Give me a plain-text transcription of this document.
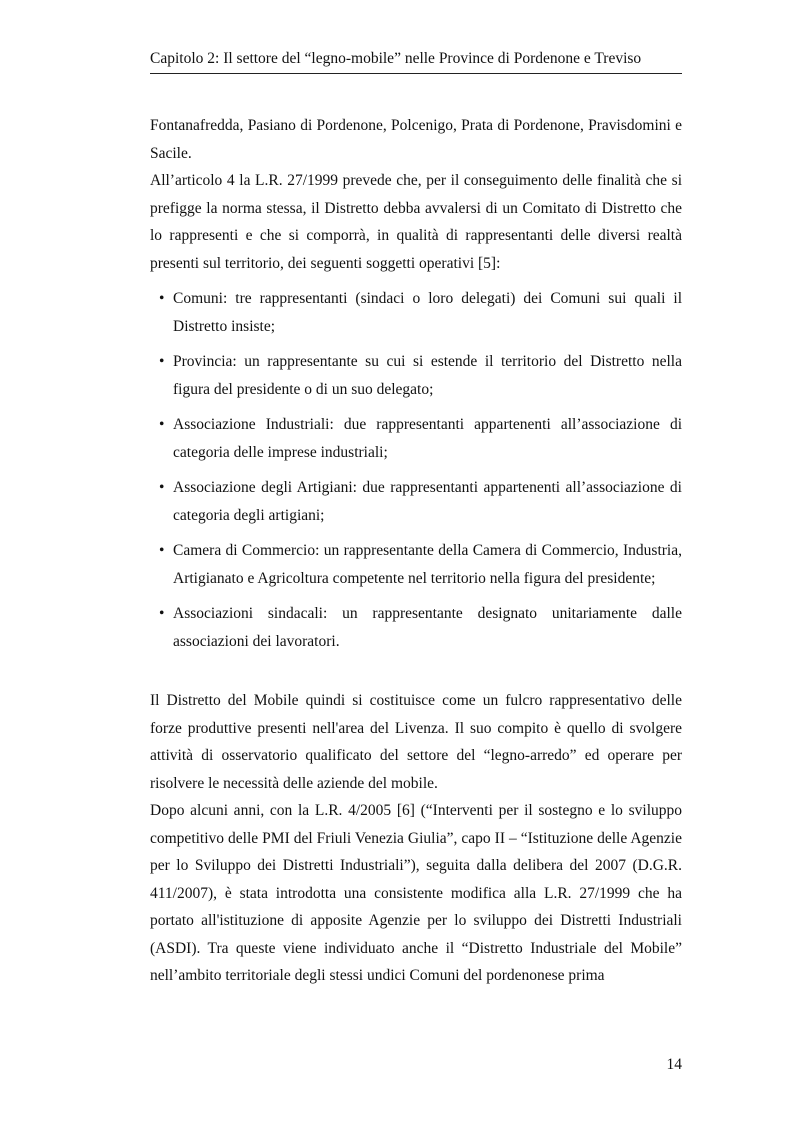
Capitolo 2: Il settore del “legno-mobile” nelle Province di Pordenone e Treviso

Fontanafredda, Pasiano di Pordenone, Polcenigo, Prata di Pordenone, Pravisdomini e Sacile.

All’articolo 4 la L.R. 27/1999 prevede che, per il conseguimento delle finalità che si prefigge la norma stessa, il Distretto debba avvalersi di un Comitato di Distretto che lo rappresenti e che si comporrà, in qualità di rappresentanti delle diversi realtà presenti sul territorio, dei seguenti soggetti operativi [5]:

• Comuni: tre rappresentanti (sindaci o loro delegati) dei Comuni sui quali il Distretto insiste;
• Provincia: un rappresentante su cui si estende il territorio del Distretto nella figura del presidente o di un suo delegato;
• Associazione Industriali: due rappresentanti appartenenti all’associazione di categoria delle imprese industriali;
• Associazione degli Artigiani: due rappresentanti appartenenti all’associazione di categoria degli artigiani;
• Camera di Commercio: un rappresentante della Camera di Commercio, Industria, Artigianato e Agricoltura competente nel territorio nella figura del presidente;
• Associazioni sindacali: un rappresentante designato unitariamente dalle associazioni dei lavoratori.

Il Distretto del Mobile quindi si costituisce come un fulcro rappresentativo delle forze produttive presenti nell'area del Livenza. Il suo compito è quello di svolgere attività di osservatorio qualificato del settore del “legno-arredo” ed operare per risolvere le necessità delle aziende del mobile.

Dopo alcuni anni, con la L.R. 4/2005 [6] (“Interventi per il sostegno e lo sviluppo competitivo delle PMI del Friuli Venezia Giulia”, capo II – “Istituzione delle Agenzie per lo Sviluppo dei Distretti Industriali”), seguita dalla delibera del 2007 (D.G.R. 411/2007), è stata introdotta una consistente modifica alla L.R. 27/1999 che ha portato all'istituzione di apposite Agenzie per lo sviluppo dei Distretti Industriali (ASDI). Tra queste viene individuato anche il “Distretto Industriale del Mobile” nell’ambito territoriale degli stessi undici Comuni del pordenonese prima

14
